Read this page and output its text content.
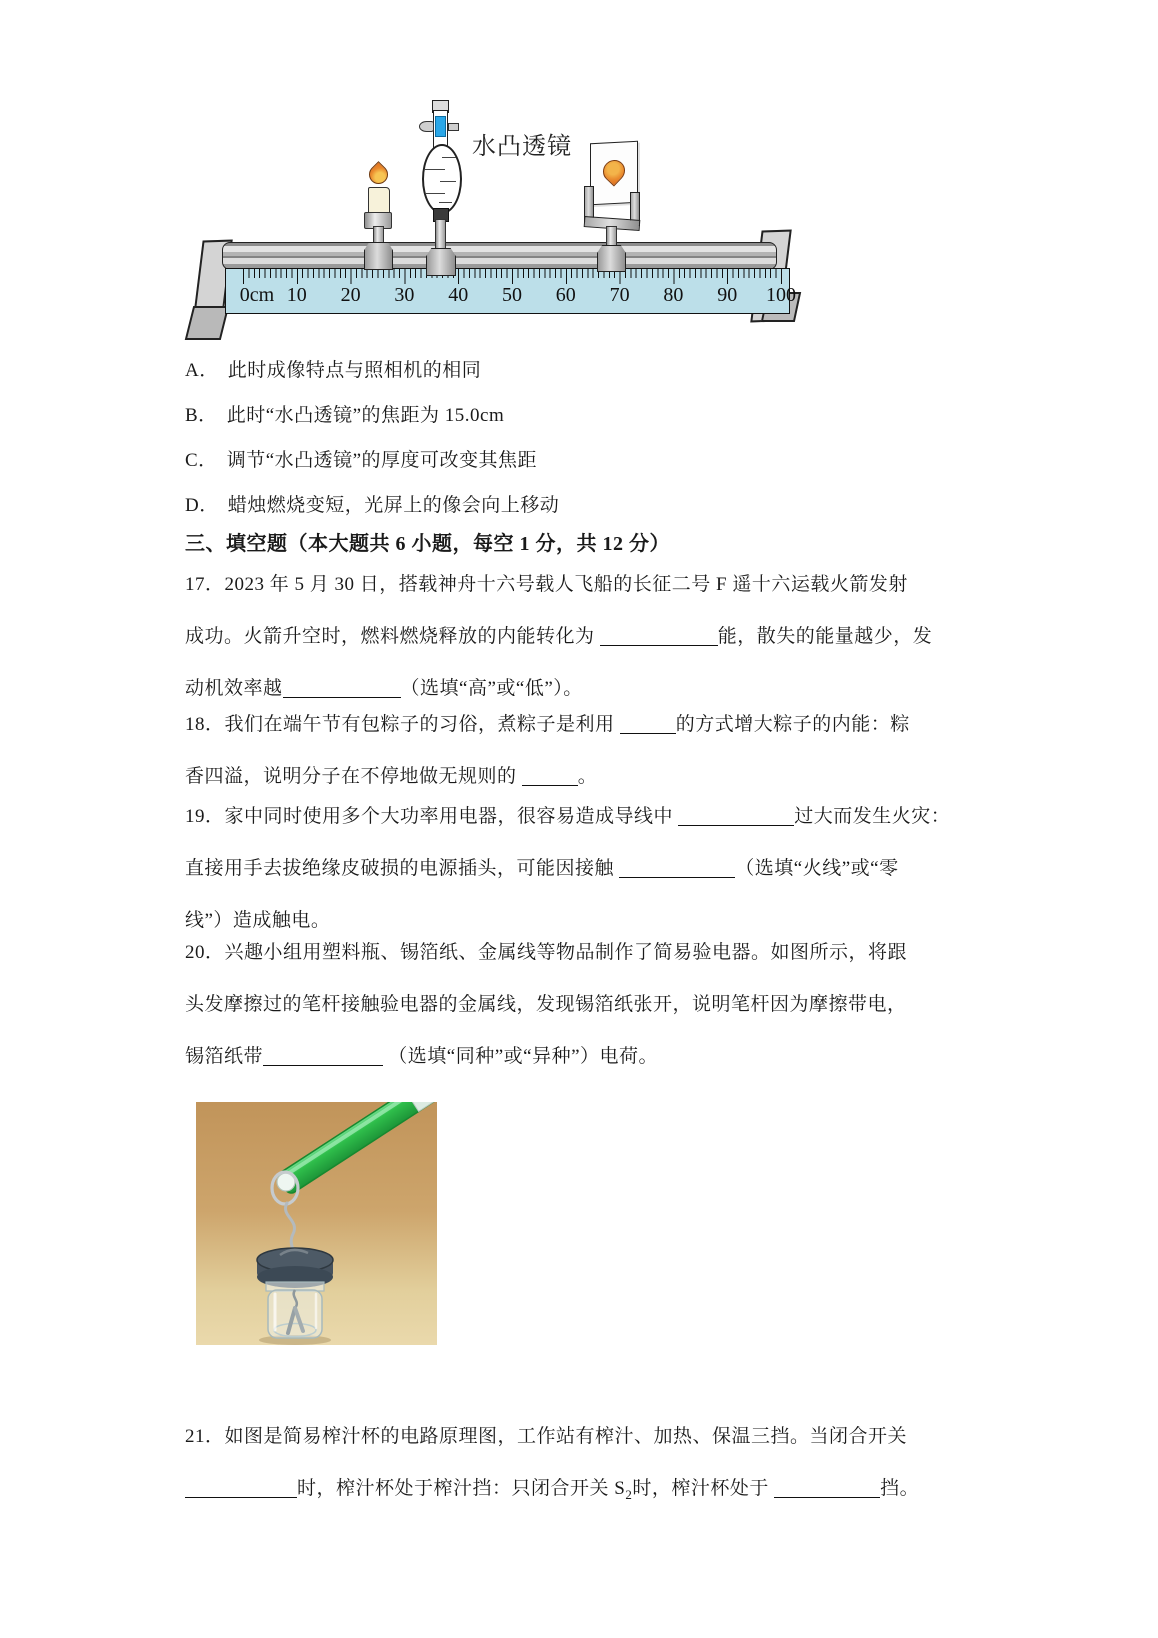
0cm 10 20 30 40 50 60 70 80 90 100
水凸透镜
A． 此时成像特点与照相机的相同
B． 此时“水凸透镜”的焦距为 15.0cm
C． 调节“水凸透镜”的厚度可改变其焦距
D． 蜡烛燃烧变短，光屏上的像会向上移动
三、填空题（本大题共 6 小题，每空 1 分，共 12 分）
17．2023 年 5 月 30 日，搭载神舟十六号载人飞船的长征二号 F 遥十六运载火箭发射
成功。火箭升空时，燃料燃烧释放的内能转化为	能，散失的能量越少，发
动机效率越	（选填“高”或“低”）。
18．我们在端午节有包粽子的习俗，煮粽子是利用	的方式增大粽子的内能：粽
香四溢，说明分子在不停地做无规则的	。
19．家中同时使用多个大功率用电器，很容易造成导线中	过大而发生火灾：
直接用手去拔绝缘皮破损的电源插头，可能因接触	（选填“火线”或“零
线”）造成触电。
20．兴趣小组用塑料瓶、锡箔纸、金属线等物品制作了简易验电器。如图所示，将跟
头发摩擦过的笔杆接触验电器的金属线，发现锡箔纸张开，说明笔杆因为摩擦带电，
锡箔纸带	（选填“同种”或“异种”）电荷。
21．如图是简易榨汁杯的电路原理图，工作站有榨汁、加热、保温三挡。当闭合开关
时，榨汁杯处于榨汁挡：只闭合开关 $S_2$时，榨汁杯处于	挡。
